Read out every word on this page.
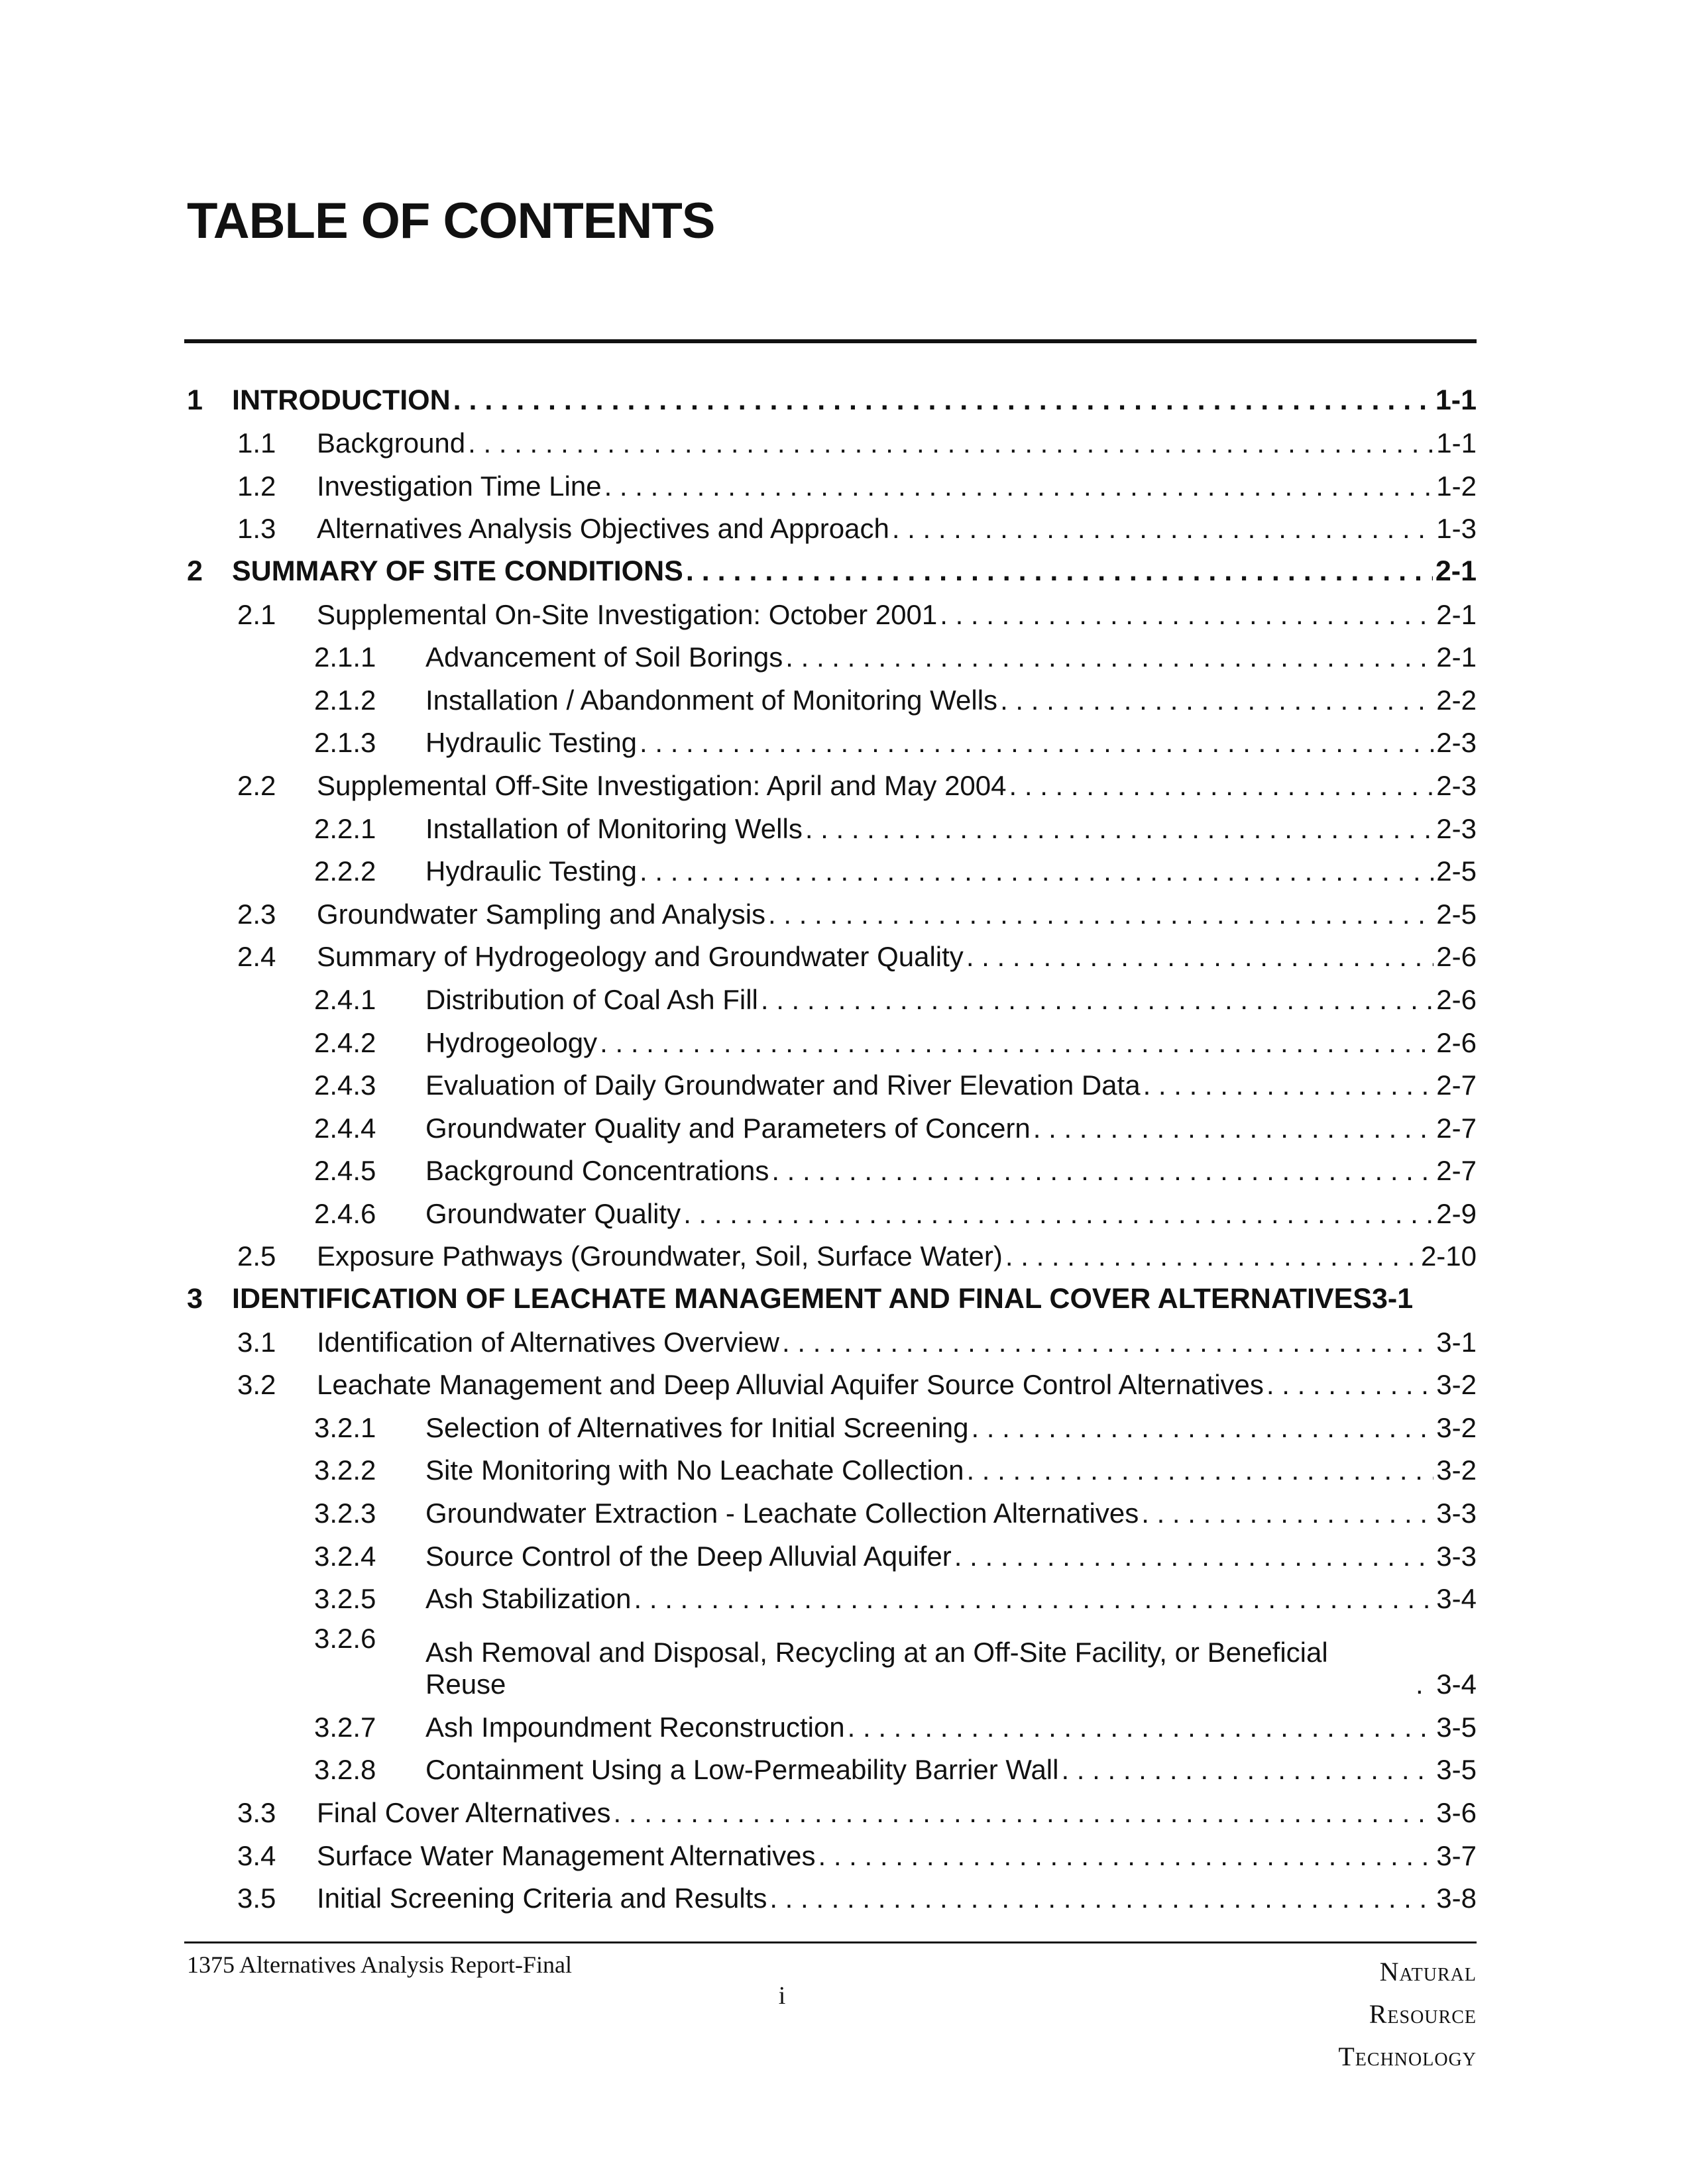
TABLE OF CONTENTS
1 INTRODUCTION . . .	1-1
1.1 Background . . .	1-1
1.2 Investigation Time Line . . .	1-2
1.3 Alternatives Analysis Objectives and Approach . . .	1-3
2 SUMMARY OF SITE CONDITIONS . . .	2-1
2.1 Supplemental On-Site Investigation: October 2001 . . .	2-1
2.1.1 Advancement of Soil Borings . . .	2-1
2.1.2 Installation / Abandonment of Monitoring Wells . . .	2-2
2.1.3 Hydraulic Testing . . .	2-3
2.2 Supplemental Off-Site Investigation: April and May 2004 . . .	2-3
2.2.1 Installation of Monitoring Wells . . .	2-3
2.2.2 Hydraulic Testing . . .	2-5
2.3 Groundwater Sampling and Analysis . . .	2-5
2.4 Summary of Hydrogeology and Groundwater Quality . . .	2-6
2.4.1 Distribution of Coal Ash Fill . . .	2-6
2.4.2 Hydrogeology . . .	2-6
2.4.3 Evaluation of Daily Groundwater and River Elevation Data . . .	2-7
2.4.4 Groundwater Quality and Parameters of Concern . . .	2-7
2.4.5 Background Concentrations . . .	2-7
2.4.6 Groundwater Quality . . .	2-9
2.5 Exposure Pathways (Groundwater, Soil, Surface Water) . . .	2-10
3 IDENTIFICATION OF LEACHATE MANAGEMENT AND FINAL COVER ALTERNATIVES 3-1
3.1 Identification of Alternatives Overview . . .	3-1
3.2 Leachate Management and Deep Alluvial Aquifer Source Control Alternatives . . .	3-2
3.2.1 Selection of Alternatives for Initial Screening . . .	3-2
3.2.2 Site Monitoring with No Leachate Collection . . .	3-2
3.2.3 Groundwater Extraction - Leachate Collection Alternatives . . .	3-3
3.2.4 Source Control of the Deep Alluvial Aquifer . . .	3-3
3.2.5 Ash Stabilization . . .	3-4
3.2.6 Ash Removal and Disposal, Recycling at an Off-Site Facility, or Beneficial Reuse . . .	3-4
3.2.7 Ash Impoundment Reconstruction . . .	3-5
3.2.8 Containment Using a Low-Permeability Barrier Wall . . .	3-5
3.3 Final Cover Alternatives . . .	3-6
3.4 Surface Water Management Alternatives . . .	3-7
3.5 Initial Screening Criteria and Results . . .	3-8
1375 Alternatives Analysis Report-Final
i
Natural
Resource
Technology
